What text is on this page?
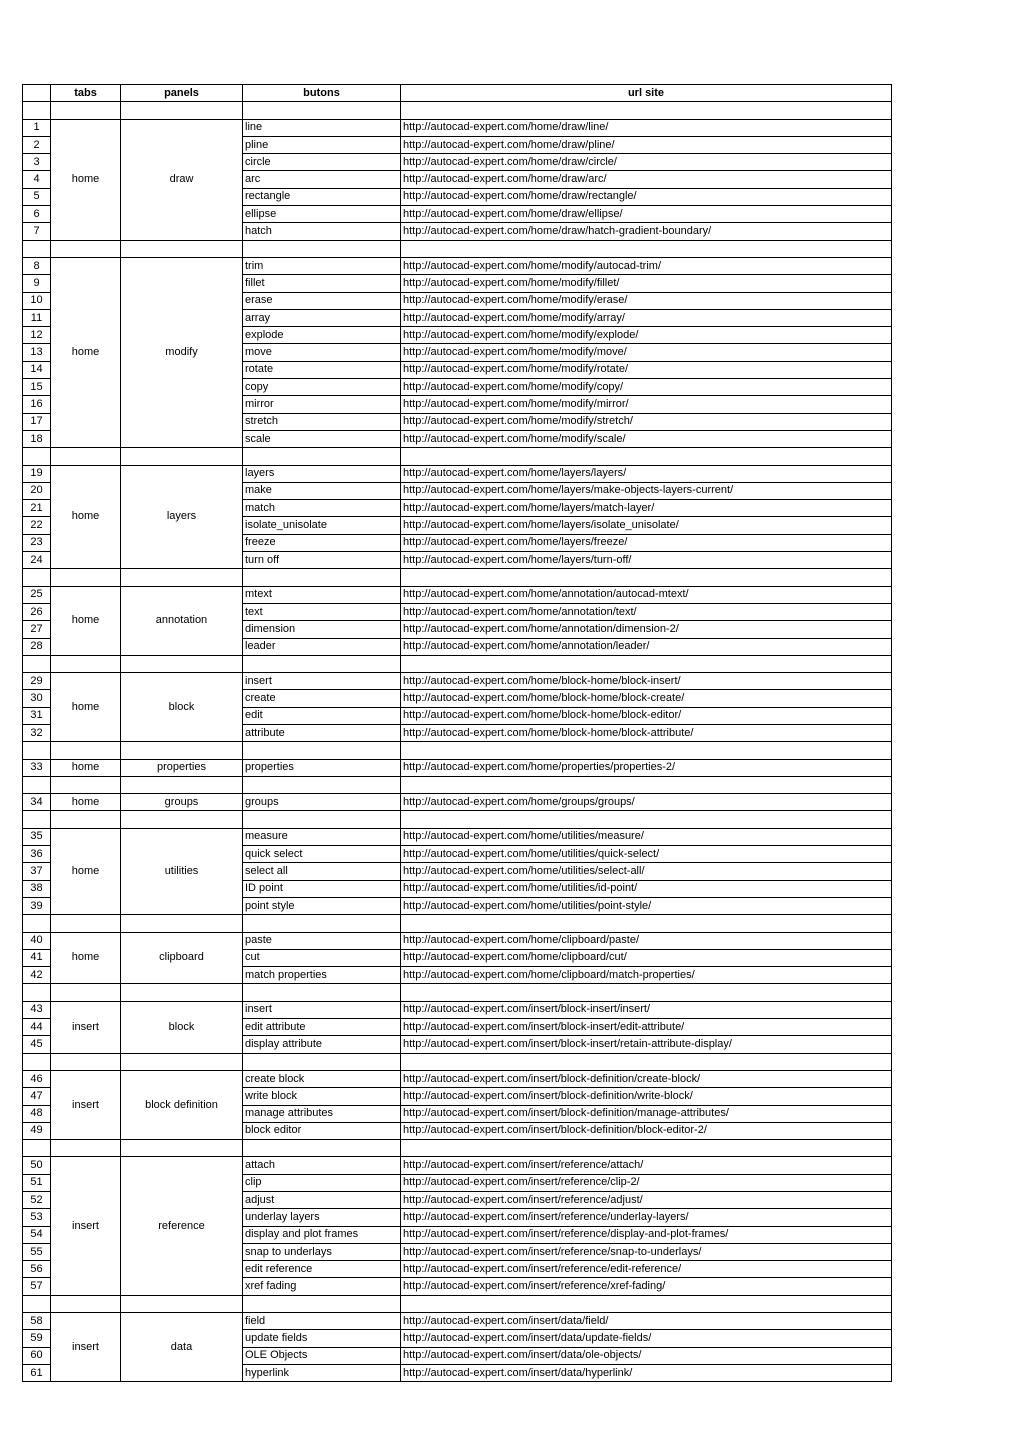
	tabs	panels	butons	url site

1	home	draw	line	http://autocad-expert.com/home/draw/line/
2			pline	http://autocad-expert.com/home/draw/pline/
3			circle	http://autocad-expert.com/home/draw/circle/
4			arc	http://autocad-expert.com/home/draw/arc/
5			rectangle	http://autocad-expert.com/home/draw/rectangle/
6			ellipse	http://autocad-expert.com/home/draw/ellipse/
7			hatch	http://autocad-expert.com/home/draw/hatch-gradient-boundary/

8	home	modify	trim	http://autocad-expert.com/home/modify/autocad-trim/
9			fillet	http://autocad-expert.com/home/modify/fillet/
10			erase	http://autocad-expert.com/home/modify/erase/
11			array	http://autocad-expert.com/home/modify/array/
12			explode	http://autocad-expert.com/home/modify/explode/
13			move	http://autocad-expert.com/home/modify/move/
14			rotate	http://autocad-expert.com/home/modify/rotate/
15			copy	http://autocad-expert.com/home/modify/copy/
16			mirror	http://autocad-expert.com/home/modify/mirror/
17			stretch	http://autocad-expert.com/home/modify/stretch/
18			scale	http://autocad-expert.com/home/modify/scale/

19	home	layers	layers	http://autocad-expert.com/home/layers/layers/
20			make	http://autocad-expert.com/home/layers/make-objects-layers-current/
21			match	http://autocad-expert.com/home/layers/match-layer/
22			isolate_unisolate	http://autocad-expert.com/home/layers/isolate_unisolate/
23			freeze	http://autocad-expert.com/home/layers/freeze/
24			turn off	http://autocad-expert.com/home/layers/turn-off/

25	home	annotation	mtext	http://autocad-expert.com/home/annotation/autocad-mtext/
26			text	http://autocad-expert.com/home/annotation/text/
27			dimension	http://autocad-expert.com/home/annotation/dimension-2/
28			leader	http://autocad-expert.com/home/annotation/leader/

29	home	block	insert	http://autocad-expert.com/home/block-home/block-insert/
30			create	http://autocad-expert.com/home/block-home/block-create/
31			edit	http://autocad-expert.com/home/block-home/block-editor/
32			attribute	http://autocad-expert.com/home/block-home/block-attribute/

33	home	properties	properties	http://autocad-expert.com/home/properties/properties-2/

34	home	groups	groups	http://autocad-expert.com/home/groups/groups/

35	home	utilities	measure	http://autocad-expert.com/home/utilities/measure/
36			quick select	http://autocad-expert.com/home/utilities/quick-select/
37			select all	http://autocad-expert.com/home/utilities/select-all/
38			ID point	http://autocad-expert.com/home/utilities/id-point/
39			point style	http://autocad-expert.com/home/utilities/point-style/

40	home	clipboard	paste	http://autocad-expert.com/home/clipboard/paste/
41			cut	http://autocad-expert.com/home/clipboard/cut/
42			match properties	http://autocad-expert.com/home/clipboard/match-properties/

43	insert	block	insert	http://autocad-expert.com/insert/block-insert/insert/
44			edit attribute	http://autocad-expert.com/insert/block-insert/edit-attribute/
45			display attribute	http://autocad-expert.com/insert/block-insert/retain-attribute-display/

46	insert	block definition	create block	http://autocad-expert.com/insert/block-definition/create-block/
47			write block	http://autocad-expert.com/insert/block-definition/write-block/
48			manage attributes	http://autocad-expert.com/insert/block-definition/manage-attributes/
49			block editor	http://autocad-expert.com/insert/block-definition/block-editor-2/

50	insert	reference	attach	http://autocad-expert.com/insert/reference/attach/
51			clip	http://autocad-expert.com/insert/reference/clip-2/
52			adjust	http://autocad-expert.com/insert/reference/adjust/
53			underlay layers	http://autocad-expert.com/insert/reference/underlay-layers/
54			display and plot frames	http://autocad-expert.com/insert/reference/display-and-plot-frames/
55			snap to underlays	http://autocad-expert.com/insert/reference/snap-to-underlays/
56			edit reference	http://autocad-expert.com/insert/reference/edit-reference/
57			xref fading	http://autocad-expert.com/insert/reference/xref-fading/

58	insert	data	field	http://autocad-expert.com/insert/data/field/
59			update fields	http://autocad-expert.com/insert/data/update-fields/
60			OLE Objects	http://autocad-expert.com/insert/data/ole-objects/
61			hyperlink	http://autocad-expert.com/insert/data/hyperlink/
